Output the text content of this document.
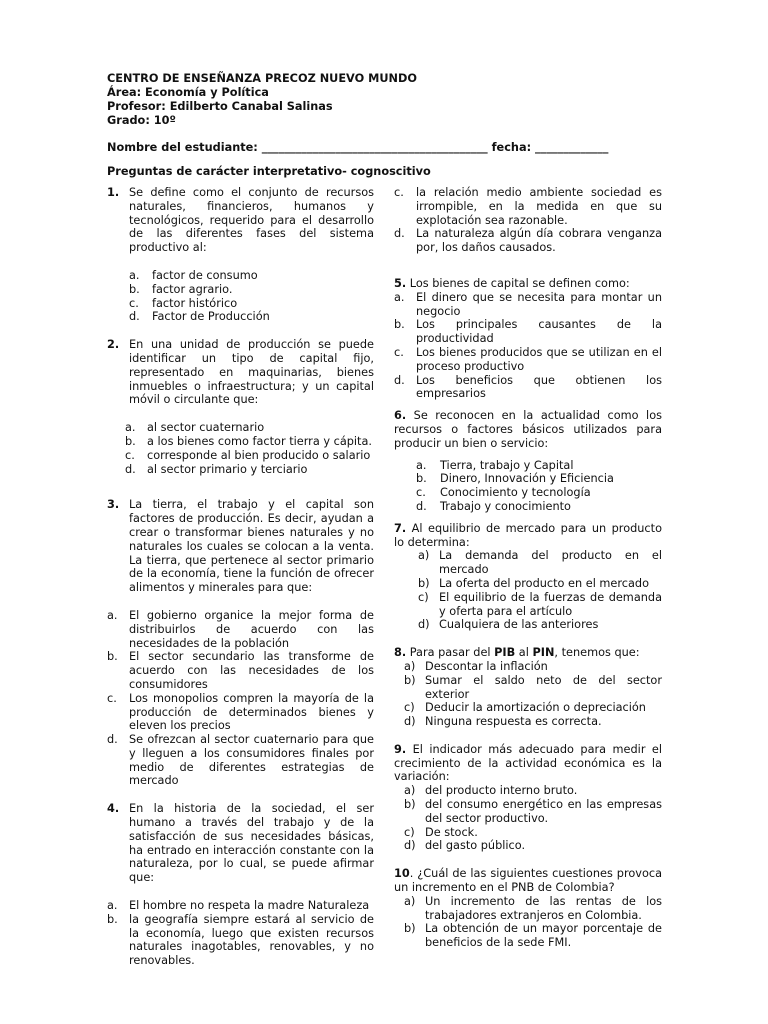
CENTRO DE ENSEÑANZA PRECOZ NUEVO MUNDO
Área: Economía y Política
Profesor: Edilberto Canabal Salinas
Grado: 10º
Nombre del estudiante: ________________________________________ fecha: _____________
Preguntas de carácter interpretativo- cognoscitivo
1. Se define como el conjunto de recursos naturales, financieros, humanos y tecnológicos, requerido para el desarrollo de las diferentes fases del sistema productivo al:
a.	factor de consumo
b.	factor agrario.
c.	factor histórico
d.	Factor de Producción
2. En una unidad de producción se puede identificar un tipo de capital fijo, representado en maquinarias, bienes inmuebles o infraestructura; y un capital móvil o circulante que:
a.	al sector cuaternario
b. a los bienes como factor tierra y cápita.
c.	corresponde al bien producido o salario
d. al sector primario y terciario
3. La tierra, el trabajo y el capital son factores de producción. Es decir, ayudan a crear o transformar bienes naturales y no naturales los cuales se colocan a la venta. La tierra, que pertenece al sector primario de la economía, tiene la función de ofrecer alimentos y minerales para que:
a.	El gobierno organice la mejor forma de distribuirlos de acuerdo con las necesidades de la población
b. El sector secundario las transforme de acuerdo con las necesidades de los consumidores
c.	Los monopolios compren la mayoría de la producción de determinados bienes y eleven los precios
d. Se ofrezcan al sector cuaternario para que y lleguen a los consumidores finales por medio de diferentes estrategias de mercado
4. En la historia de la sociedad, el ser humano a través del trabajo y de la satisfacción de sus necesidades básicas, ha entrado en interacción constante con la naturaleza, por lo cual, se puede afirmar que:
a.	El hombre no respeta la madre Naturaleza
b. la geografía siempre estará al servicio de la economía, luego que existen recursos naturales inagotables, renovables, y no renovables.
c.	la relación medio ambiente sociedad es irrompible, en la medida en que su explotación sea razonable.
d. La naturaleza algún día cobrara venganza por, los daños causados.
5. Los bienes de capital se definen como:
a.	El dinero que se necesita para montar un negocio
b. Los principales causantes de la productividad
c.	Los bienes producidos que se utilizan en el proceso productivo
d. Los beneficios que obtienen los empresarios
6. Se reconocen en la actualidad como los recursos o factores básicos utilizados para producir un bien o servicio:
a.	Tierra, trabajo y Capital
b.	Dinero, Innovación y Eficiencia
c.	Conocimiento y tecnología
d.	Trabajo y conocimiento
7. Al equilibrio de mercado para un producto lo determina:
a) La demanda del producto en el mercado
b) La oferta del producto en el mercado
c) El equilibrio de la fuerzas de demanda y oferta para el artículo
d) Cualquiera de las anteriores
8. Para pasar del PIB al PIN, tenemos que:
a) Descontar la inflación
b) Sumar el saldo neto de del sector exterior
c) Deducir la amortización o depreciación
d) Ninguna respuesta es correcta.
9. El indicador más adecuado para medir el crecimiento de la actividad económica es la variación:
a) del producto interno bruto.
b) del consumo energético en las empresas del sector productivo.
c) De stock.
d) del gasto público.
10. ¿Cuál de las siguientes cuestiones provoca un incremento en el PNB de Colombia?
a) Un incremento de las rentas de los trabajadores extranjeros en Colombia.
b) La obtención de un mayor porcentaje de beneficios de la sede FMI.
